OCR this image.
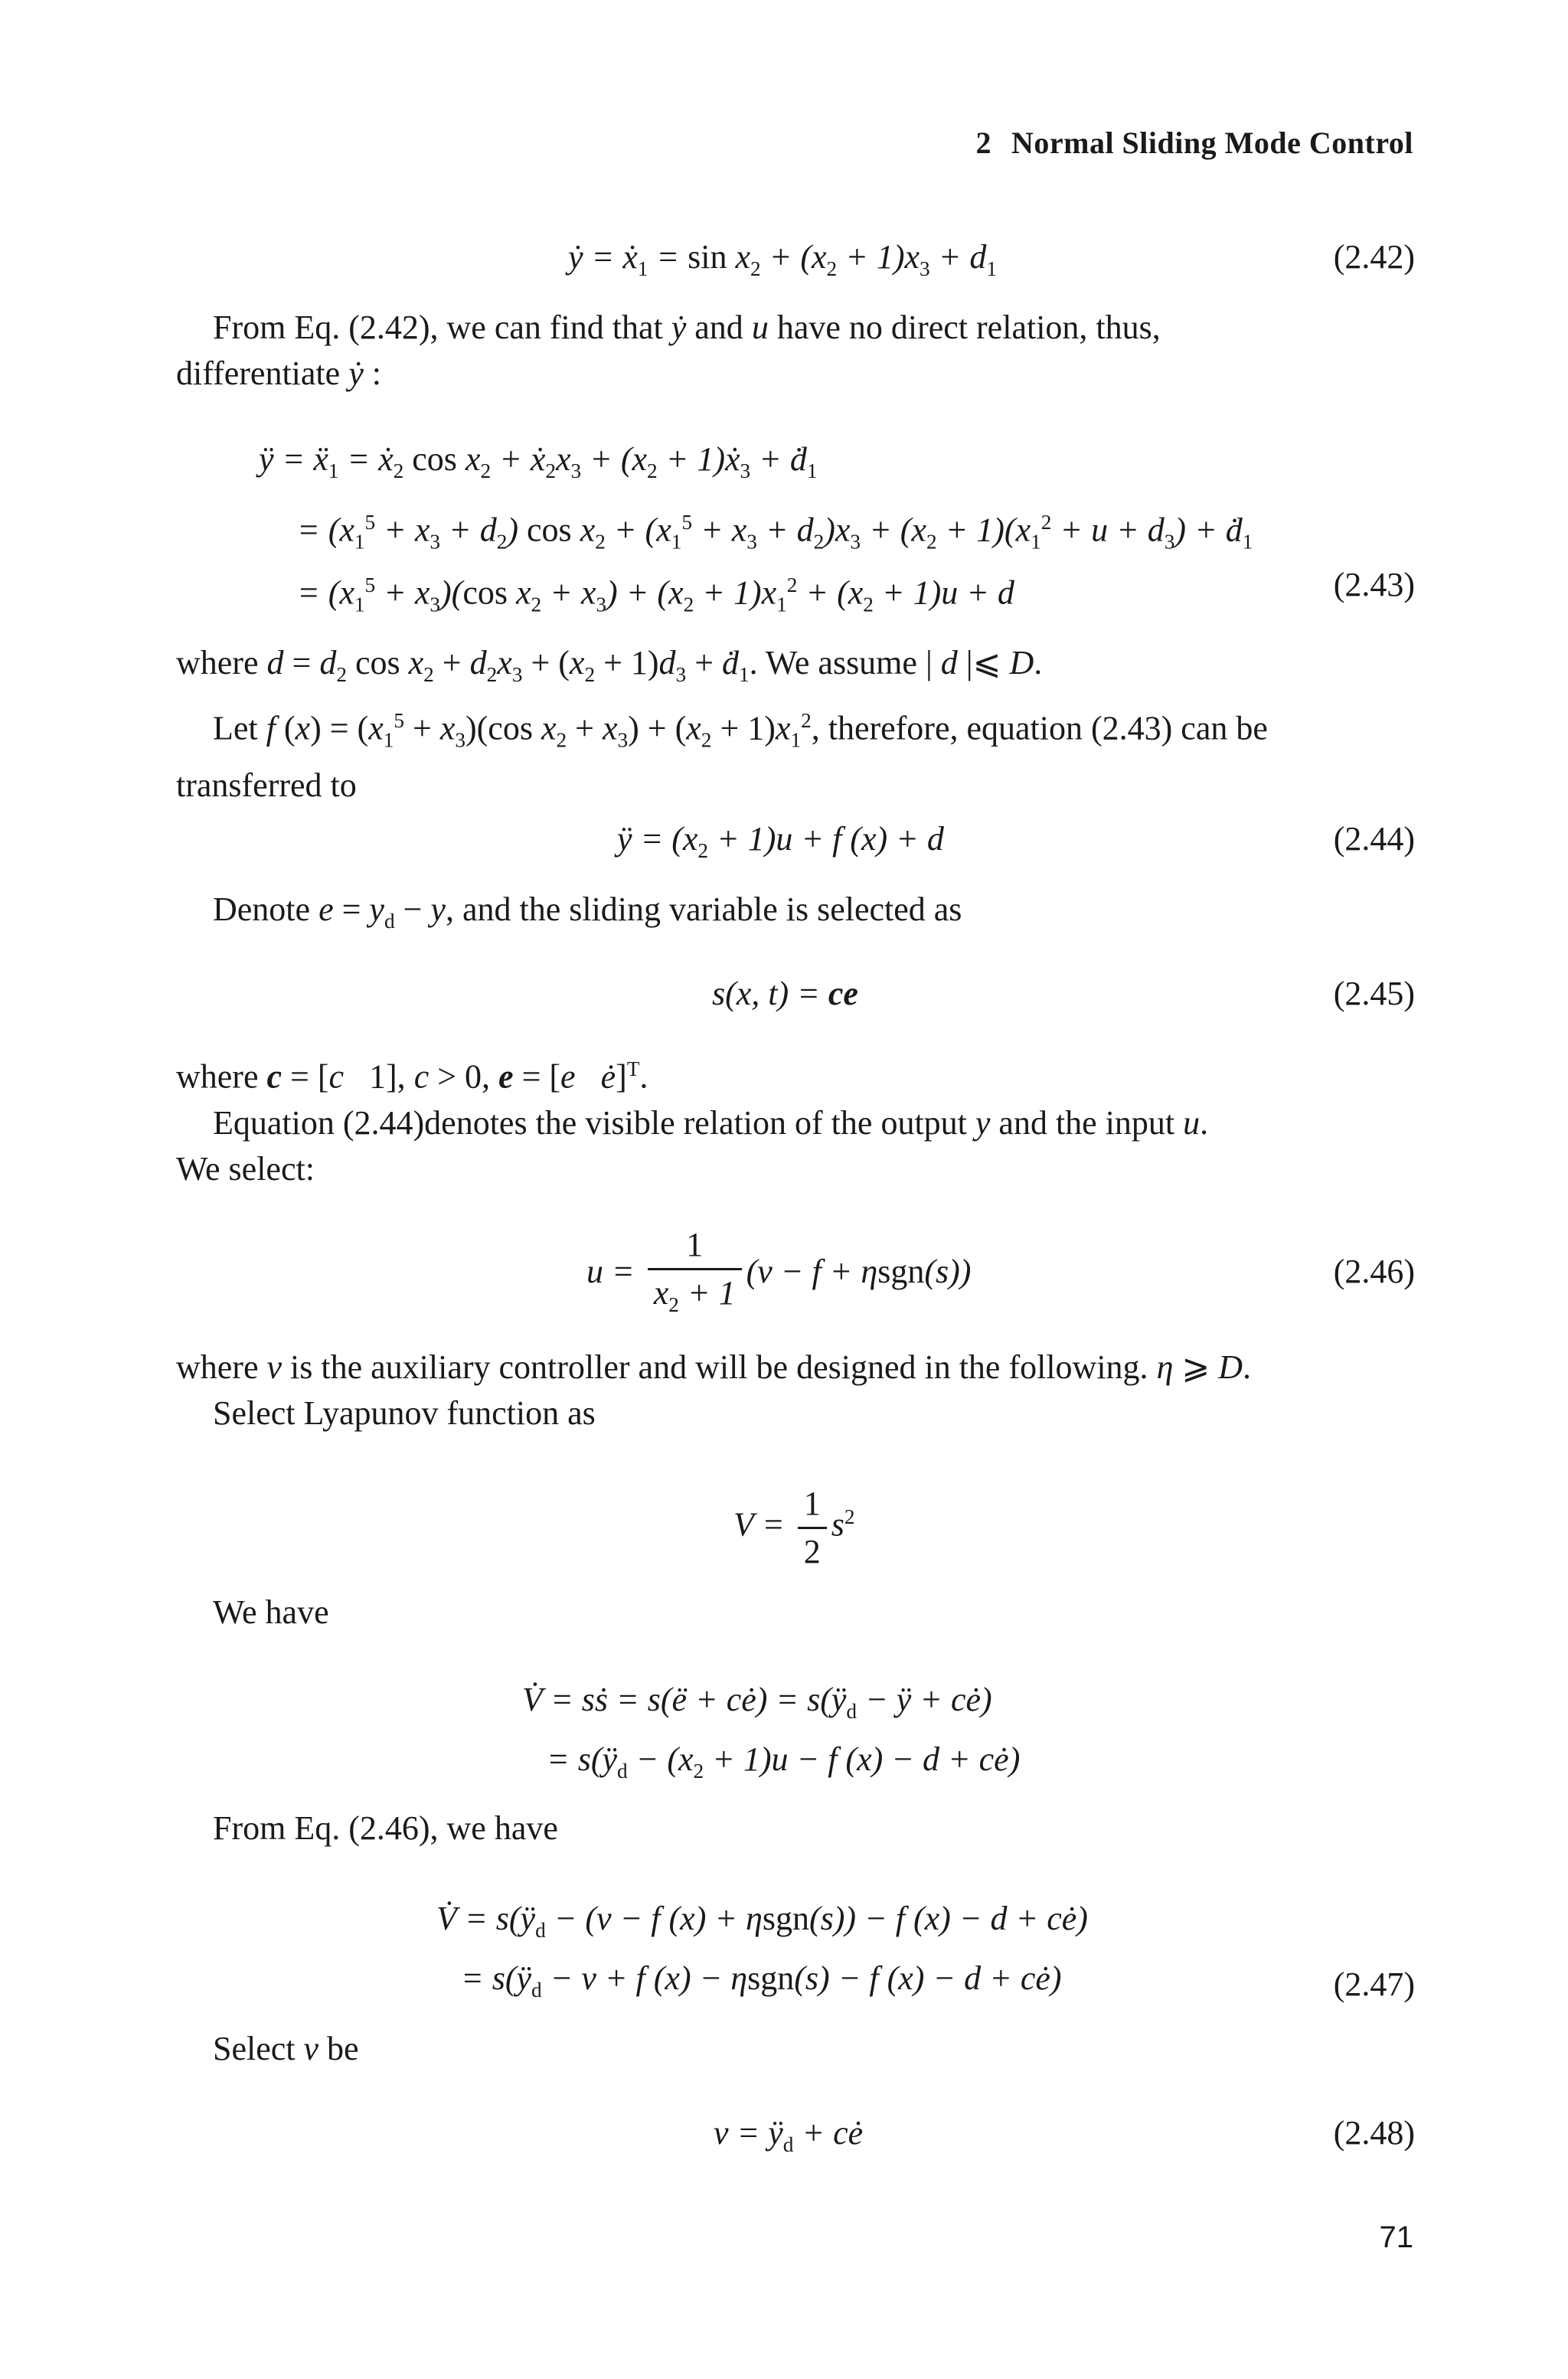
2 Normal Sliding Mode Control
ẏ = ẋ$_1$ = $\sin x_2 + (x_2 + 1)x_3 + d_1$	(2.42)

From Eq. (2.42), we can find that ẏ and u have no direct relation, thus,

differentiate ẏ :

ÿ = ẍ$_1$ = ẋ$_2$ $\cos x_2$ + $ẋ_2x_3 + (x_2$ + 1)ẋ$_3$ + ḋ$_1$
= $(x_1^5 + x_3 + d_2)$ $\cos x_2 + (x_1^5 + x_3 + d_2)x_3 + (x_2 + 1)(x_1^2 + u + d_3)$ + ḋ$_1$
= $(x_1^5 + x_3)(\cos$ $x_2 + x_3) + (x_2 + 1)x_1^2 + (x_2 + 1)u + d$	(2.43)

where $d = d_2$ $\cos x_2 + d_2x_3 + (x_2 + 1)d_3$ + ḋ$_1$. We assume | d |⩽ D.

Let f $(x) = (x_1^5 + x_3)(\cos$ $x_2 + x_3) + (x_2 + 1)x_1^2$, therefore, equation (2.43) can be

transferred to

ÿ = $(x_2 + 1)u + f$ (x) + d	(2.44)

Denote $e = y_d - y$, and the sliding variable is selected as

s(x, t) = ce	(2.45)

where c = [c   1], c > 0, e = [e ė]$^T$.

Equation (2.44)denotes the visible relation of the output y and the input u.

We select:

$u = \frac{1}{x_2 + 1} (v - f + \eta sgn(s))$	(2.46)

where v is the auxiliary controller and will be designed in the following. η ⩾ D.

Select Lyapunov function as

$V = \frac{1}{2} s^2$

We have

V̇ = sṡ = s(ë + cė) = $s(ÿ_d$ − ÿ + cė)
= $s(ÿ_d - (x_2 + 1)u - f$ (x) − d + cė)

From Eq. (2.46), we have

V̇ = $s(ÿ_d - (v - f$ (x) + ηsgn(s)) − f (x) − d + cė)
= $s(ÿ_d - v + f$ (x) − ηsgn(s) − f (x) − d + cė)	(2.47)

Select v be

$v = ÿ_d$ + cė	(2.48)
71
